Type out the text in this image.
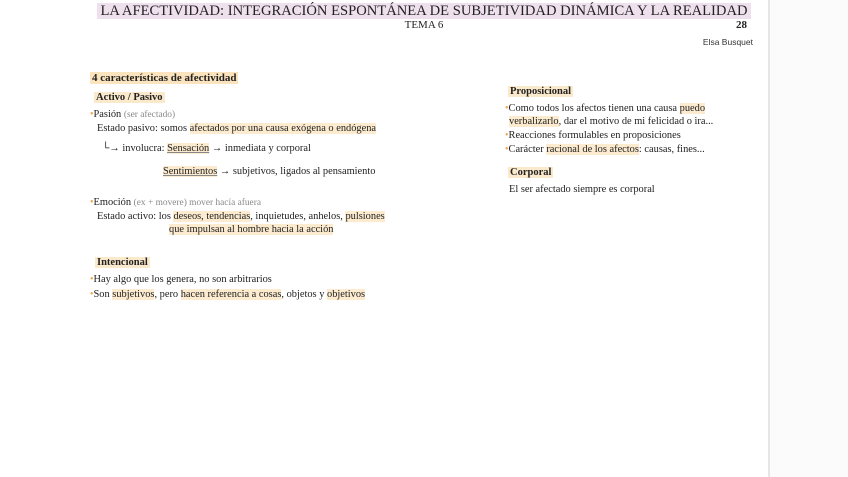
LA AFECTIVIDAD: INTEGRACIÓN ESPONTÁNEA DE SUBJETIVIDAD DINÁMICA Y LA REALIDAD
TEMA 6	28
Elsa Busquet
4 características de afectividad
Activo / Pasivo
•Pasión (ser afectado)
Estado pasivo: somos afectados por una causa exógena o endógena
└→ involucra: Sensación → inmediata y corporal
Sentimientos → subjetivos, ligados al pensamiento
•Emoción (ex + movere) mover hacía afuera
Estado activo: los deseos, tendencias, inquietudes, anhelos, pulsiones
que impulsan al hombre hacia la acción
Intencional
•Hay algo que los genera, no son arbitrarios
•Son subjetivos, pero hacen referencia a cosas, objetos y objetivos
Proposicional
•Como todos los afectos tienen una causa puedo
verbalizarlo, dar el motivo de mi felicidad o ira...
•Reacciones formulables en proposiciones
•Carácter racional de los afectos: causas, fines...
Corporal
El ser afectado siempre es corporal
